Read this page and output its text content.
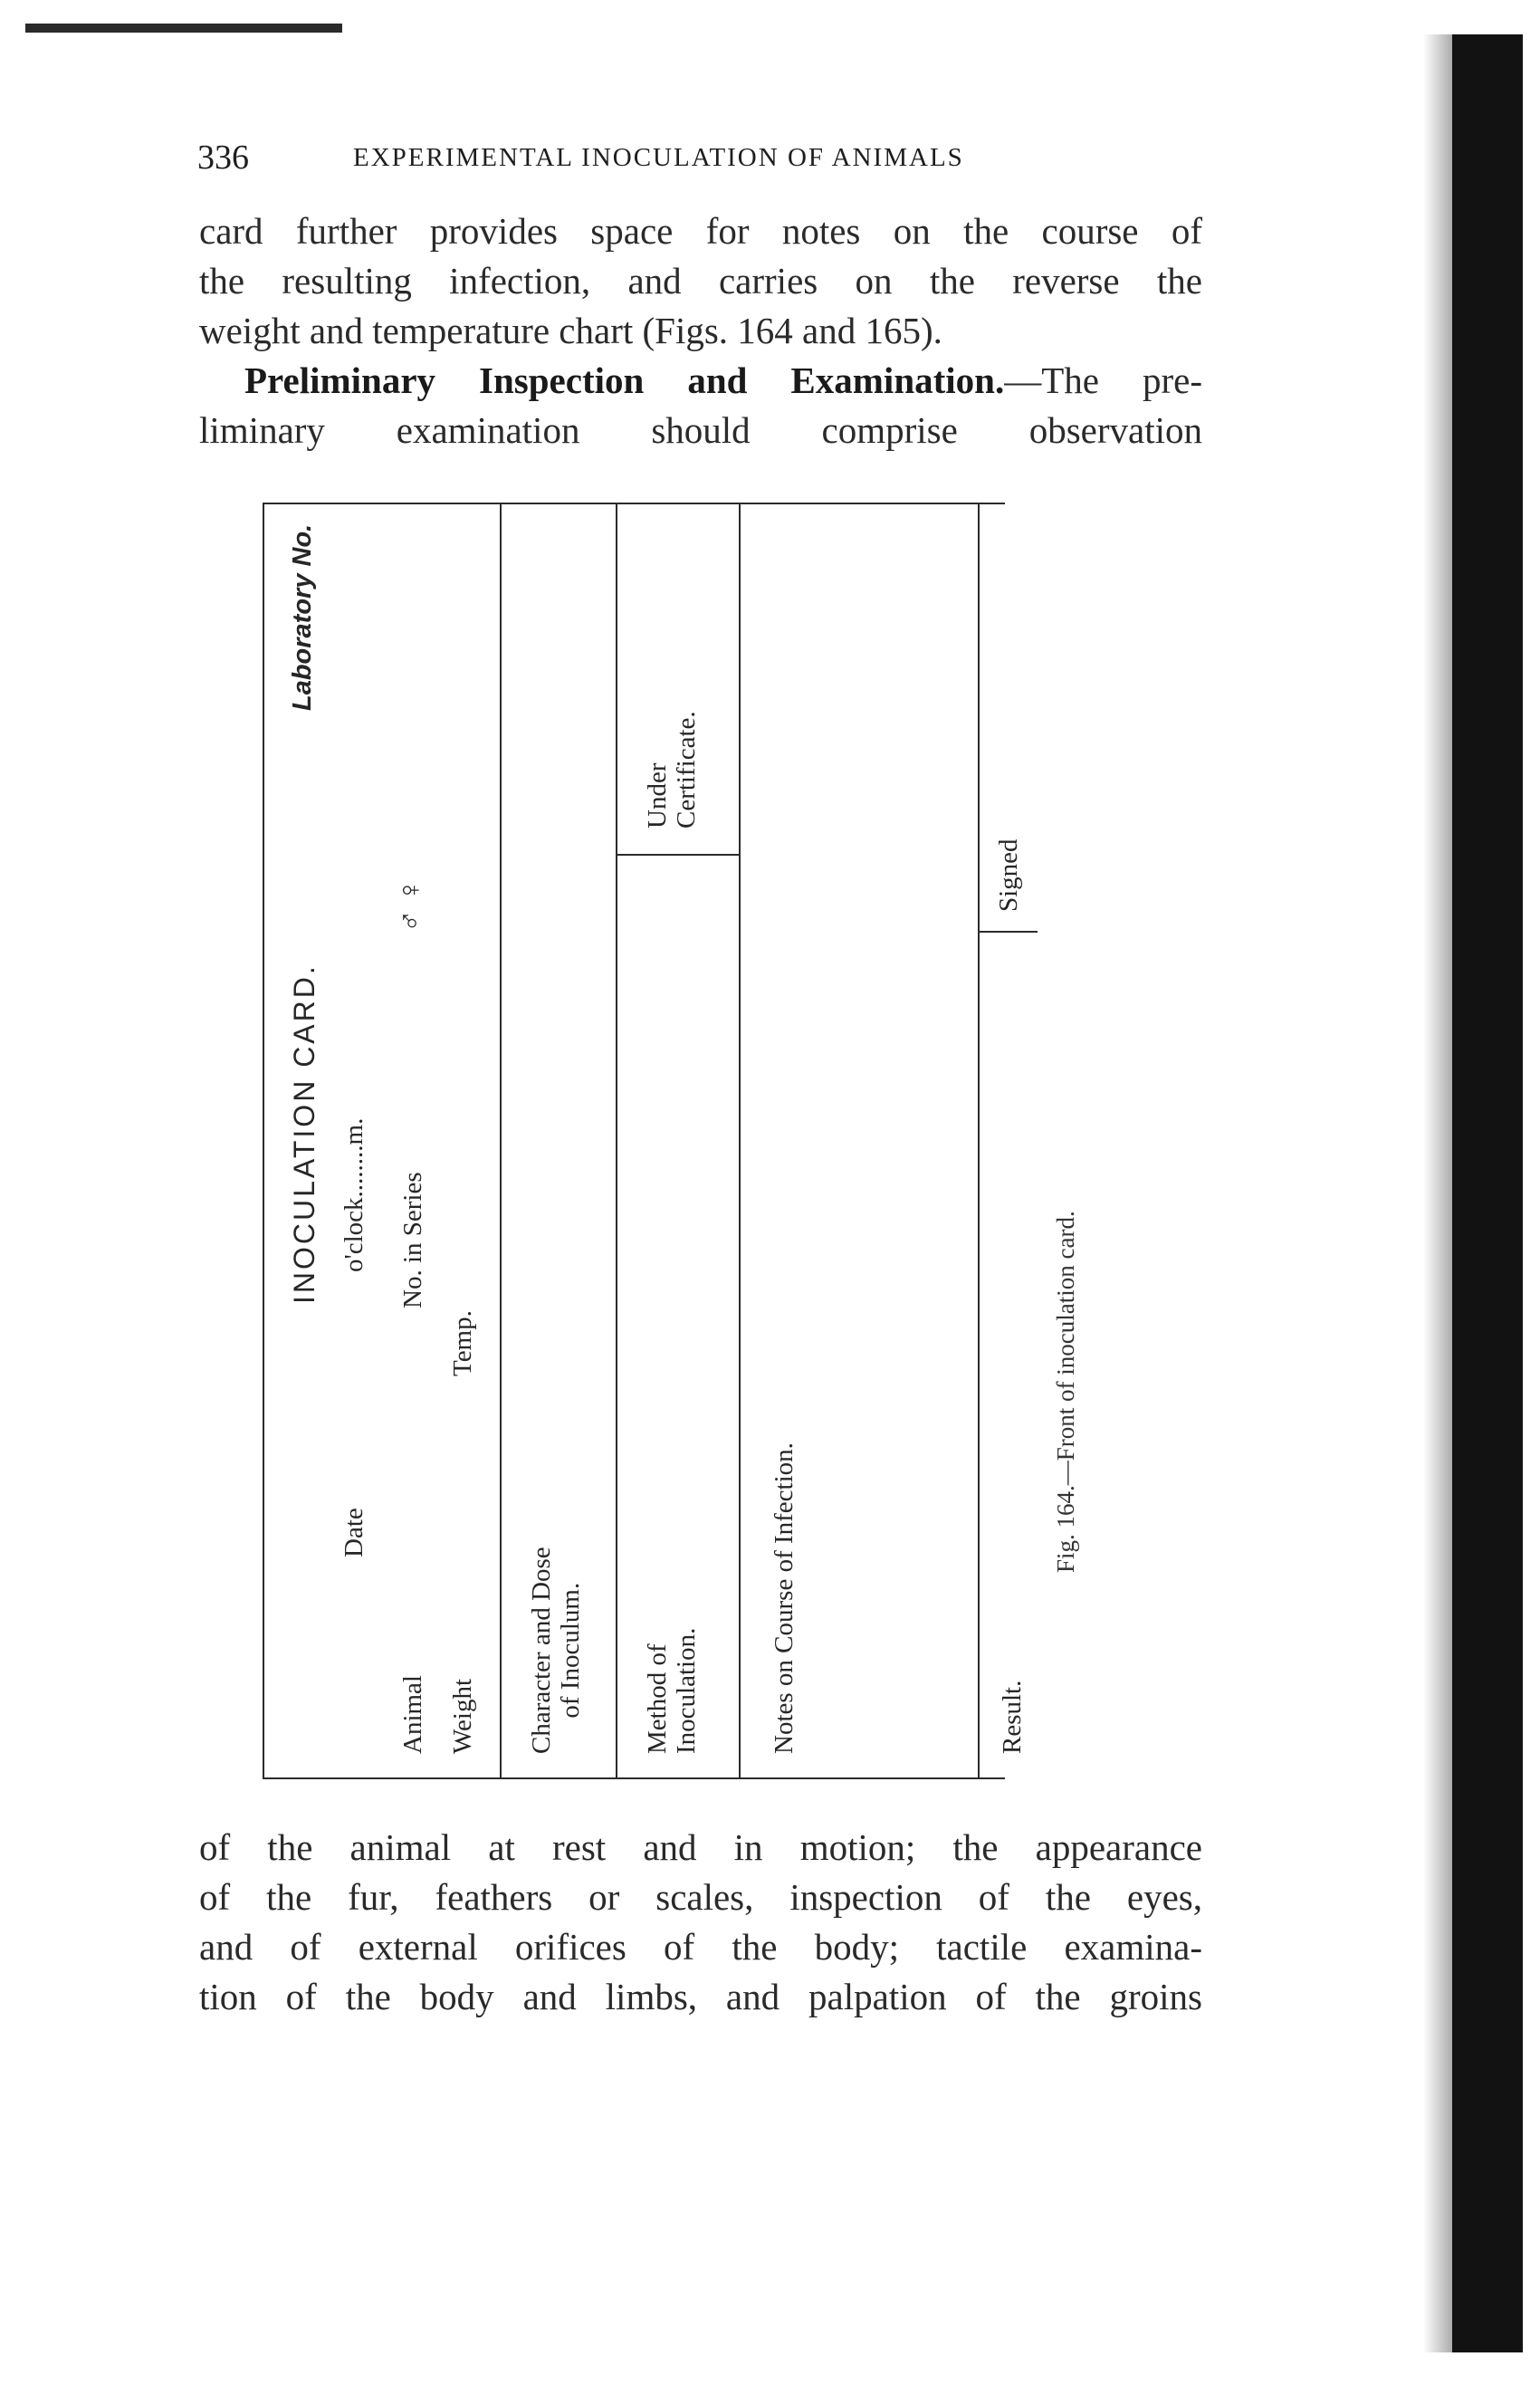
336	EXPERIMENTAL INOCULATION OF ANIMALS
card further provides space for notes on the course of
the resulting infection, and carries on the reverse the
weight and temperature chart (Figs. 164 and 165).
Preliminary Inspection and Examination.—The pre-
liminary examination should comprise observation
INOCULATION CARD.
Laboratory No.
Date
o'clock........m.
Animal
No. in Series
♂ ♀
Weight
Temp.
Character and Dose of Inoculum. Method of Inoculation.
Under Certificate.
Notes on Course of Infection.	Result.
Signed
Fig. 164.—Front of inoculation card.
of the animal at rest and in motion; the appearance
of the fur, feathers or scales, inspection of the eyes,
and of external orifices of the body; tactile examina-
tion of the body and limbs, and palpation of the groins
